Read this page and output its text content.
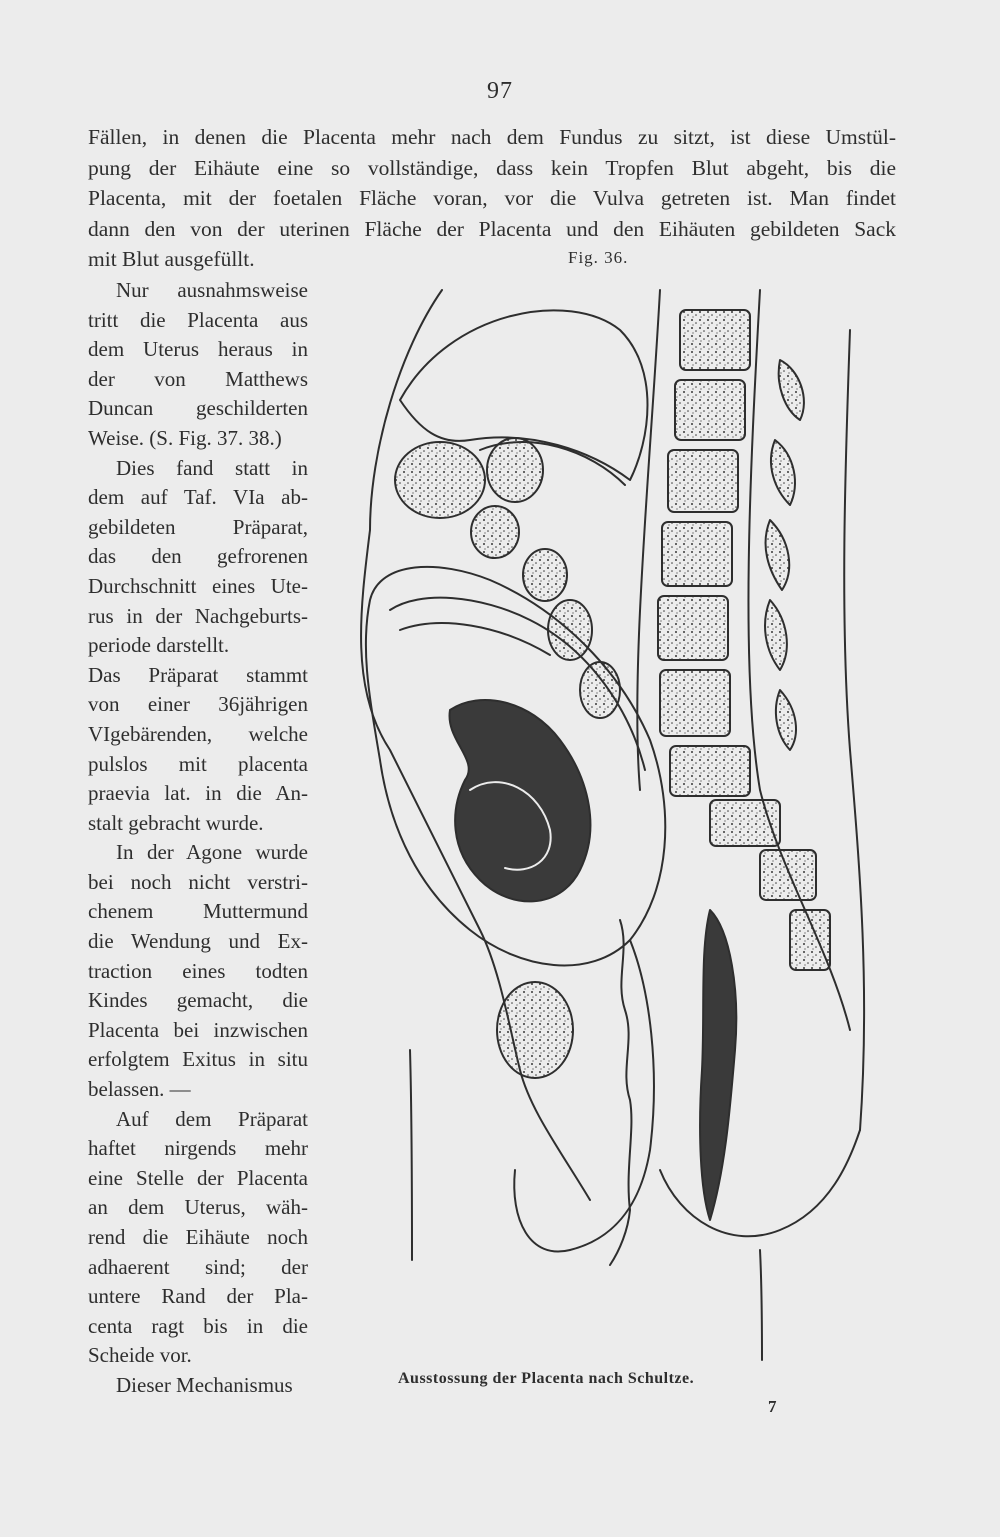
97
Fällen, in denen die Placenta mehr nach dem Fundus zu sitzt, ist diese Umstül-
pung der Eihäute eine so vollständige, dass kein Tropfen Blut abgeht, bis die
Placenta, mit der foetalen Fläche voran, vor die Vulva getreten ist. Man findet
dann den von der uterinen Fläche der Placenta und den Eihäuten gebildeten Sack
mit Blut ausgefüllt.	Fig. 36.
Nur ausnahmsweise
tritt die Placenta aus
dem Uterus heraus in
der von Matthews
Duncan geschilderten
Weise. (S. Fig. 37. 38.)
Dies fand statt in
dem auf Taf. VIa ab-
gebildeten Präparat,
das den gefrorenen
Durchschnitt eines Ute-
rus in der Nachgeburts-
periode darstellt.
Das Präparat stammt
von einer 36jährigen
VIgebärenden, welche
pulslos mit placenta
praevia lat. in die An-
stalt gebracht wurde.
In der Agone wurde
bei noch nicht verstri-
chenem Muttermund
die Wendung und Ex-
traction eines todten
Kindes gemacht, die
Placenta bei inzwischen
erfolgtem Exitus in situ
belassen. —
Auf dem Präparat
haftet nirgends mehr
eine Stelle der Placenta
an dem Uterus, wäh-
rend die Eihäute noch
adhaerent sind; der
untere Rand der Pla-
centa ragt bis in die
Scheide vor.
Dieser Mechanismus	Ausstossung der Placenta nach Schultze.
7
